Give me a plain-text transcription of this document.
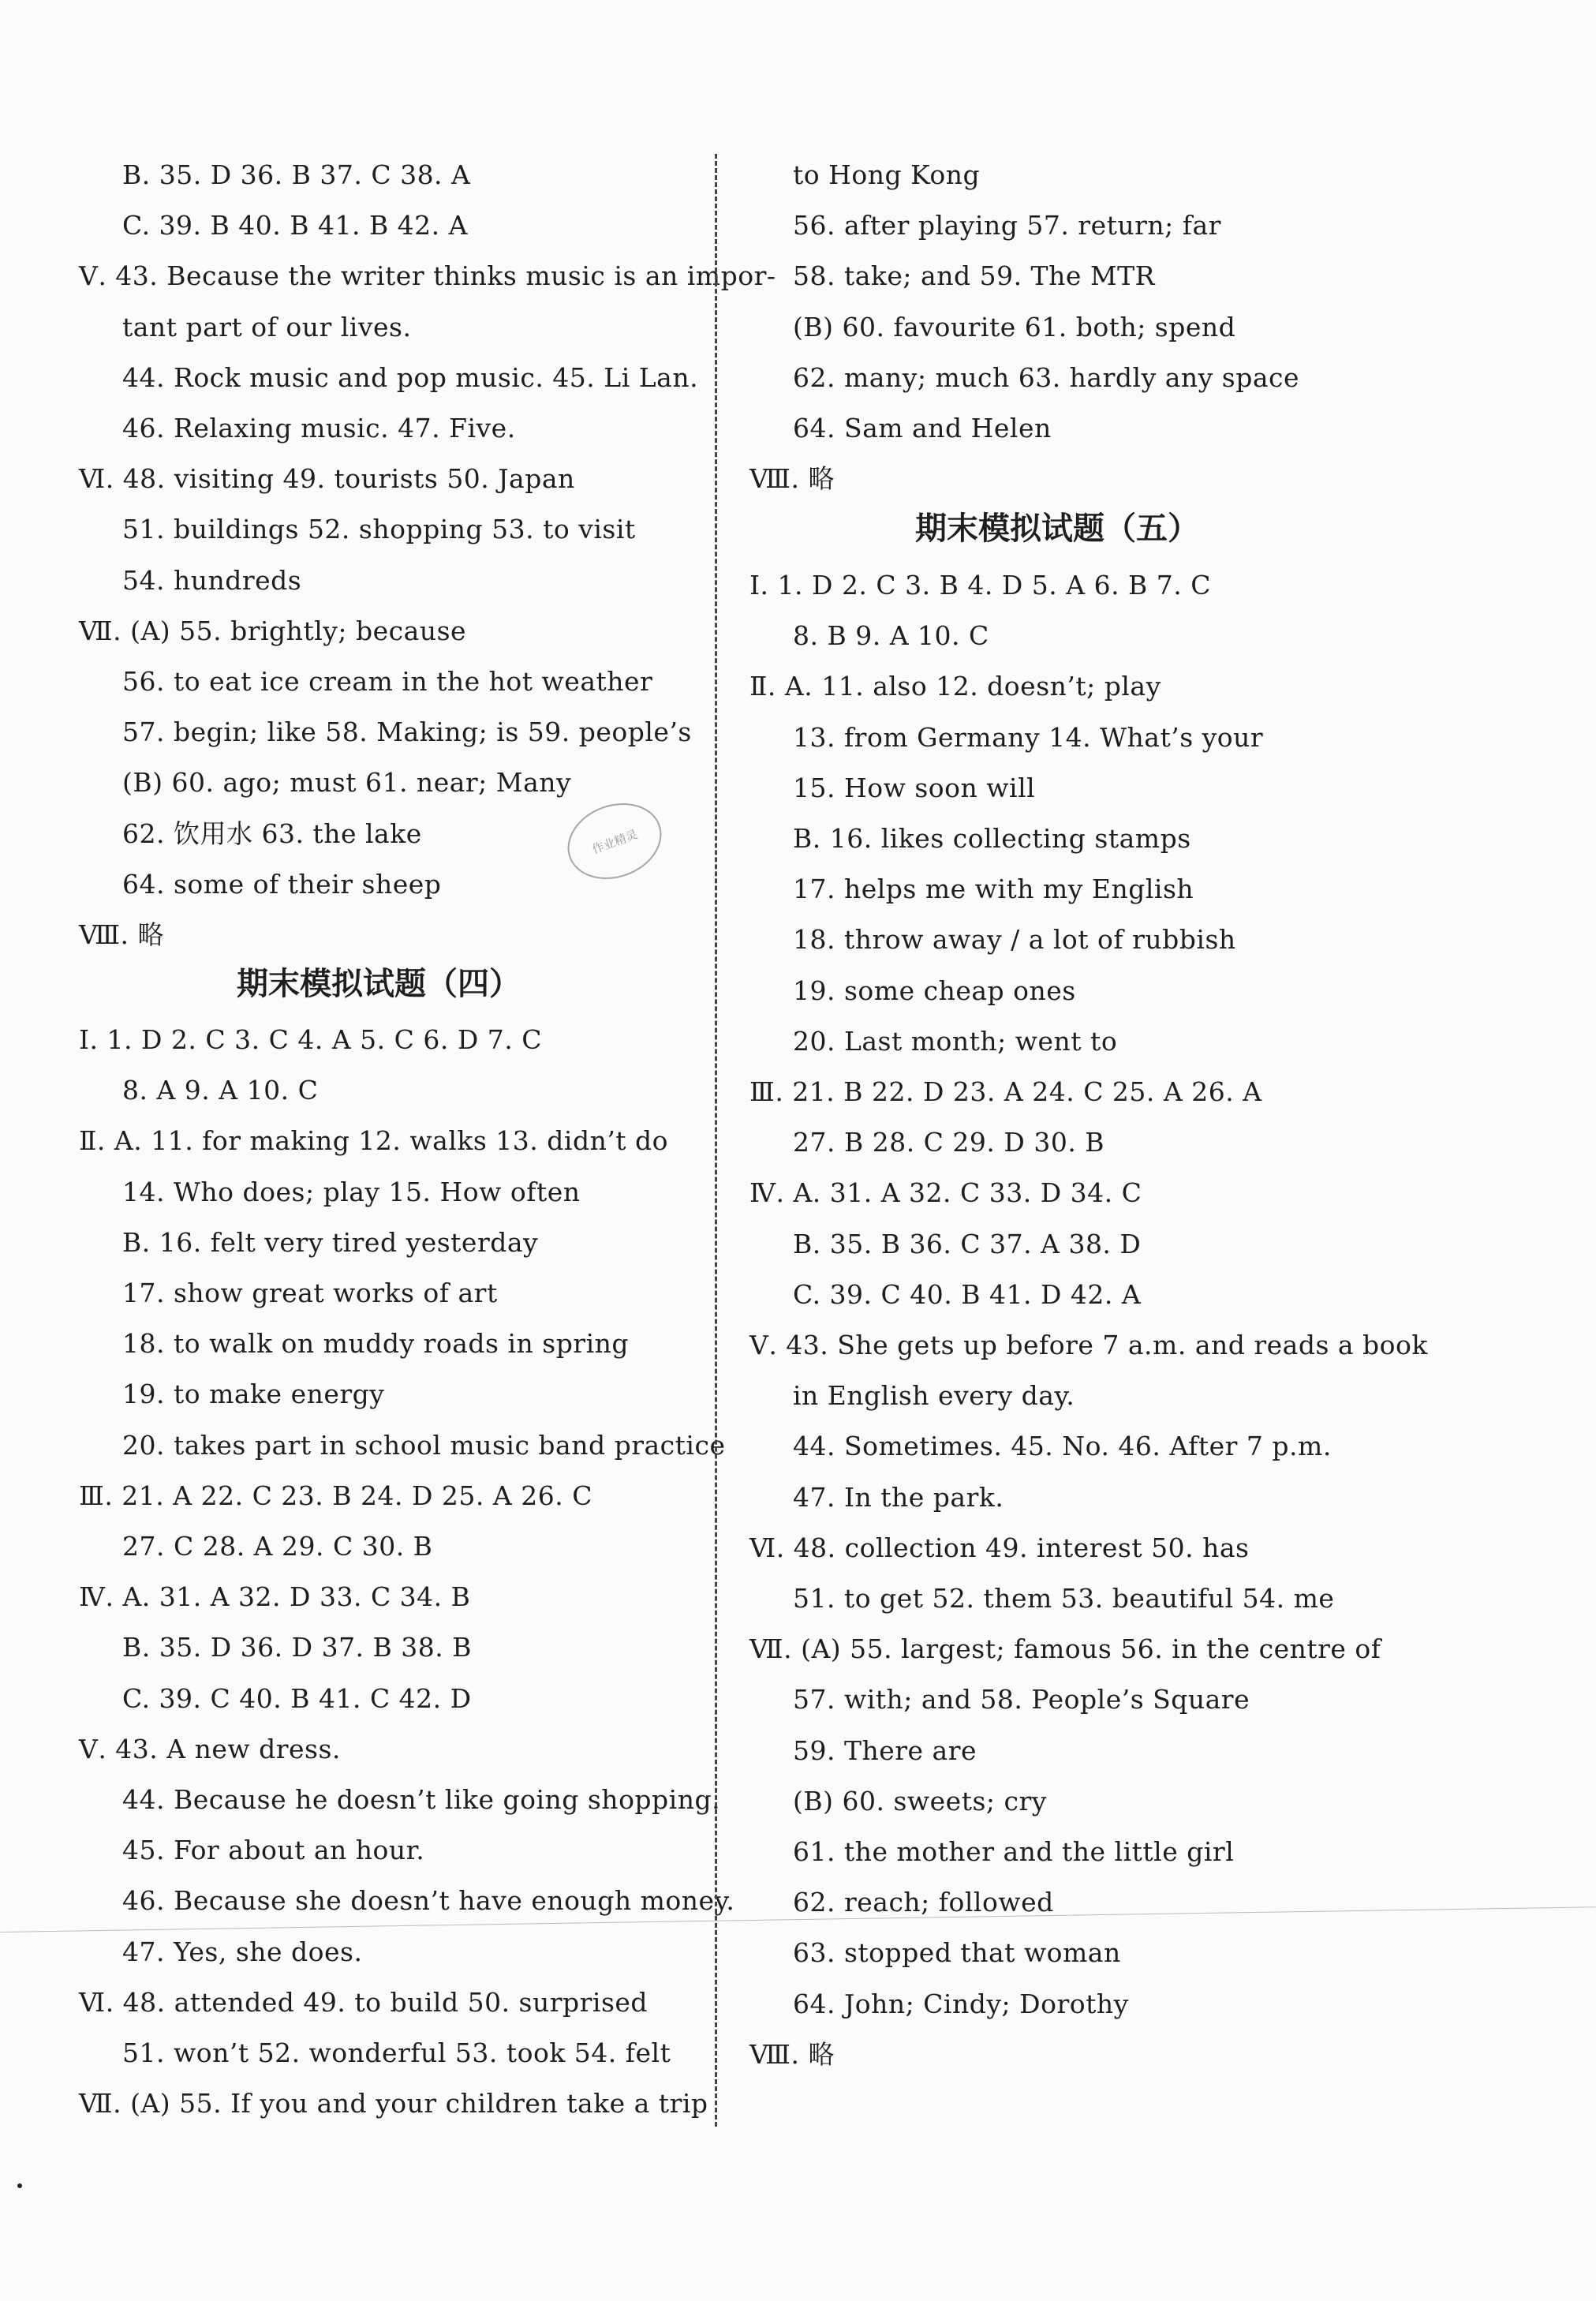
B. 35. D 36. B 37. C 38. A
C. 39. B 40. B 41. B 42. A
Ⅴ. 43. Because the writer thinks music is an impor-
tant part of our lives.
44. Rock music and pop music. 45. Li Lan.
46. Relaxing music. 47. Five.
Ⅵ. 48. visiting 49. tourists 50. Japan
51. buildings 52. shopping 53. to visit
54. hundreds
Ⅶ. (A) 55. brightly; because
56. to eat ice cream in the hot weather
57. begin; like 58. Making; is 59. people’s
(B) 60. ago; must 61. near; Many
62. 饮用水 63. the lake
64. some of their sheep
Ⅷ. 略
期末模拟试题（四）
Ⅰ. 1. D 2. C 3. C 4. A 5. C 6. D 7. C
8. A 9. A 10. C
Ⅱ. A. 11. for making 12. walks 13. didn’t do
14. Who does; play 15. How often
B. 16. felt very tired yesterday
17. show great works of art
18. to walk on muddy roads in spring
19. to make energy
20. takes part in school music band practice
Ⅲ. 21. A 22. C 23. B 24. D 25. A 26. C
27. C 28. A 29. C 30. B
Ⅳ. A. 31. A 32. D 33. C 34. B
B. 35. D 36. D 37. B 38. B
C. 39. C 40. B 41. C 42. D
Ⅴ. 43. A new dress.
44. Because he doesn’t like going shopping.
45. For about an hour.
46. Because she doesn’t have enough money.
47. Yes, she does.
Ⅵ. 48. attended 49. to build 50. surprised
51. won’t 52. wonderful 53. took 54. felt
Ⅶ. (A) 55. If you and your children take a trip
to Hong Kong
56. after playing 57. return; far
58. take; and 59. The MTR
(B) 60. favourite 61. both; spend
62. many; much 63. hardly any space
64. Sam and Helen
Ⅷ. 略
期末模拟试题（五）
Ⅰ. 1. D 2. C 3. B 4. D 5. A 6. B 7. C
8. B 9. A 10. C
Ⅱ. A. 11. also 12. doesn’t; play
13. from Germany 14. What’s your
15. How soon will
B. 16. likes collecting stamps
17. helps me with my English
18. throw away / a lot of rubbish
19. some cheap ones
20. Last month; went to
Ⅲ. 21. B 22. D 23. A 24. C 25. A 26. A
27. B 28. C 29. D 30. B
Ⅳ. A. 31. A 32. C 33. D 34. C
B. 35. B 36. C 37. A 38. D
C. 39. C 40. B 41. D 42. A
Ⅴ. 43. She gets up before 7 a.m. and reads a book
in English every day.
44. Sometimes. 45. No. 46. After 7 p.m.
47. In the park.
Ⅵ. 48. collection 49. interest 50. has
51. to get 52. them 53. beautiful 54. me
Ⅶ. (A) 55. largest; famous 56. in the centre of
57. with; and 58. People’s Square
59. There are
(B) 60. sweets; cry
61. the mother and the little girl
62. reach; followed
63. stopped that woman
64. John; Cindy; Dorothy
Ⅷ. 略
作业精灵
